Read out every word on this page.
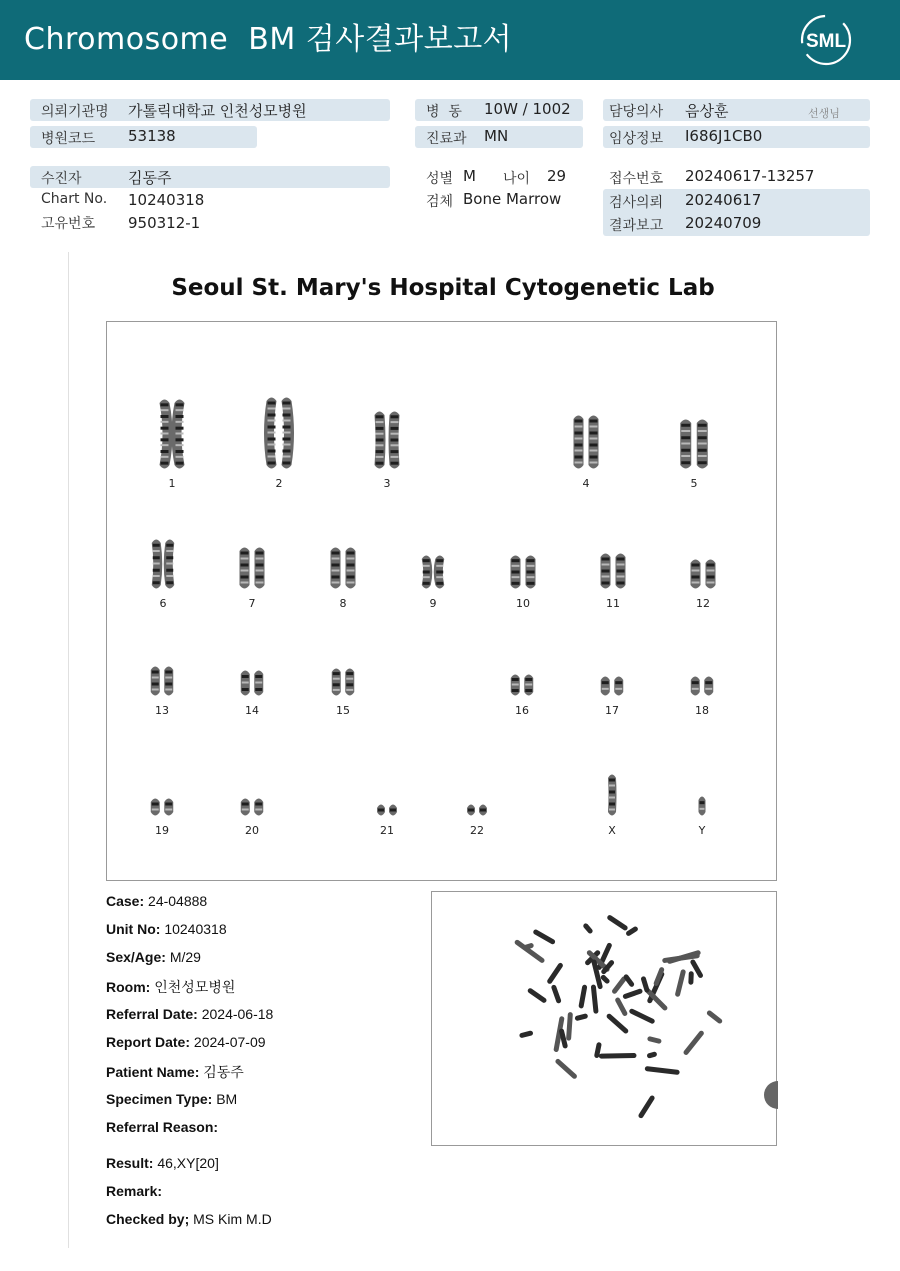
Chromosome  BM 검사결과보고서	SML
의뢰기관명 가톨릭대학교 인천성모병원	병  동 10W / 1002	담당의사 음상훈	선생님
병원코드 53138	진료과 MN	임상정보 I686J1CB0
수진자	김동주	성별 M 나이 29	접수번호 20240617-13257
Chart No. 10240318	검체 Bone Marrow	검사의뢰 20240617
고유번호 950312-1	결과보고 20240709
Seoul St. Mary's Hospital Cytogenetic Lab
1	2	3	4	5
6	7	8	9	10	11	12
13	14	15	16	17	18
19	20	21	22	X	Y
Case: 24-04888
Unit No: 10240318
Sex/Age: M/29
Room: 인천성모병원
Referral Date: 2024-06-18
Report Date: 2024-07-09
Patient Name: 김동주
Specimen Type: BM
Referral Reason:
Result: 46,XY[20]
Remark:
Checked by; MS Kim M.D
